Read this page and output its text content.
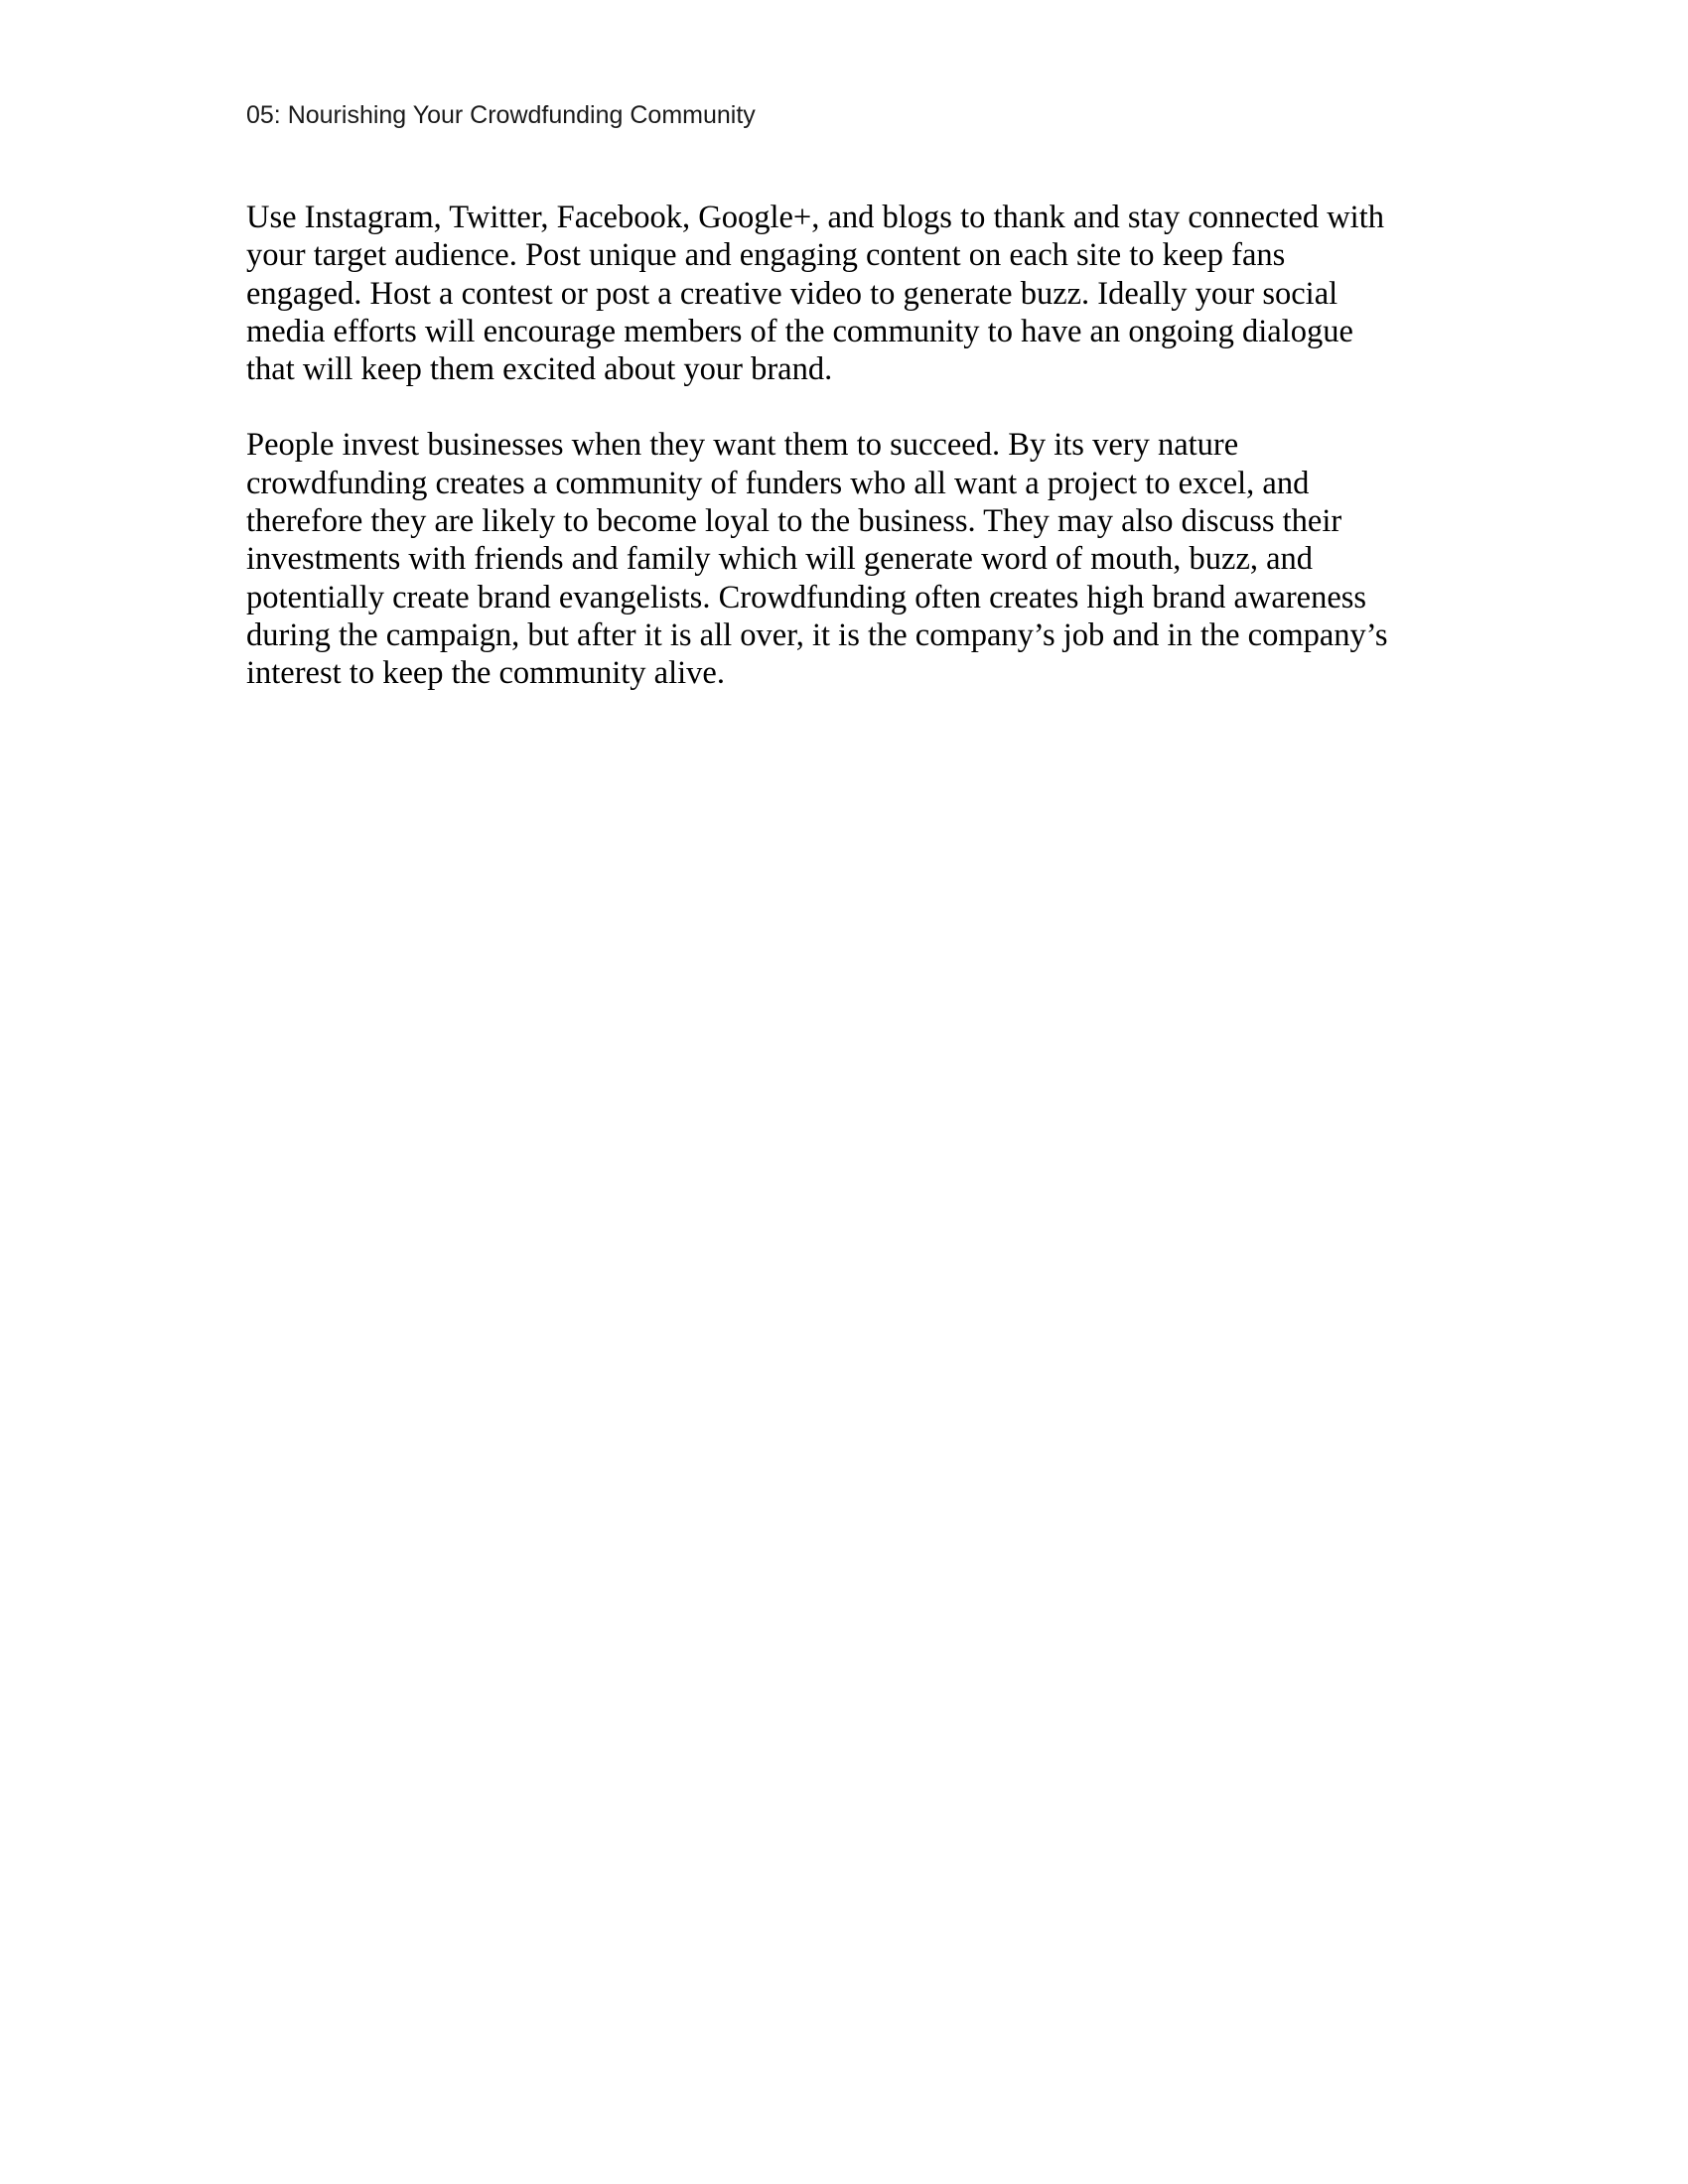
05: Nourishing Your Crowdfunding Community

Use Instagram, Twitter, Facebook, Google+, and blogs to thank and stay connected with
your target audience. Post unique and engaging content on each site to keep fans
engaged. Host a contest or post a creative video to generate buzz. Ideally your social
media efforts will encourage members of the community to have an ongoing dialogue
that will keep them excited about your brand.

People invest businesses when they want them to succeed. By its very nature
crowdfunding creates a community of funders who all want a project to excel, and
therefore they are likely to become loyal to the business. They may also discuss their
investments with friends and family which will generate word of mouth, buzz, and
potentially create brand evangelists. Crowdfunding often creates high brand awareness
during the campaign, but after it is all over, it is the company’s job and in the company’s
interest to keep the community alive.
